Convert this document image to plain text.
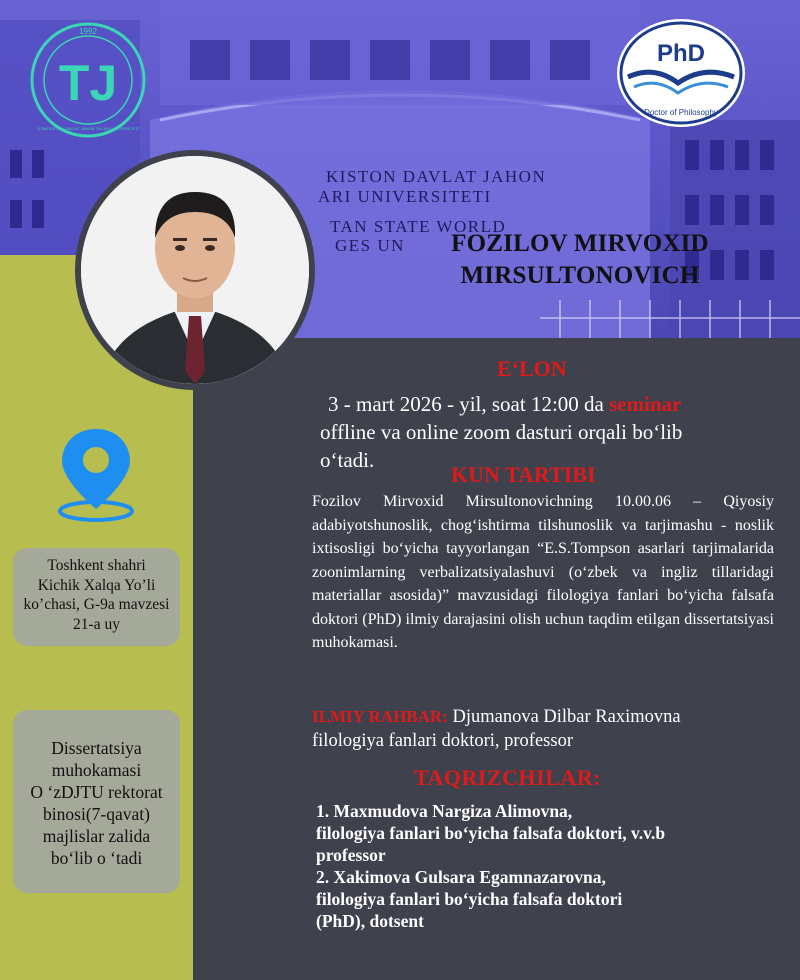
KISTON DAVLAT JAHON
ARI UNIVERSITETI
TAN STATE WORLD
GES UN
1992
TJ
O'ZBEKISTON DAVLAT JAHON TILLARI UNIVERSITETI
PhD
Doctor of Philosophy
FOZILOV MIRVOXID
MIRSULTONOVICH
Toshkent shahri
Kichik Xalqa Yo’li
ko’chasi, G-9a mavzesi
21-a uy
Dissertatsiya
muhokamasi
O ‘zDJTU rektorat
binosi(7-qavat)
majlislar zalida
bo‘lib o ‘tadi
E‘LON
3 - mart 2026 - yil, soat 12:00 da seminar
offline va online zoom dasturi orqali bo‘lib
o‘tadi.
KUN TARTIBI
Fozilov Mirvoxid Mirsultonovichning 10.00.06 – Qiyosiy adabiyotshunoslik, chog‘ishtirma tilshunoslik va tarjimashu - noslik ixtisosligi bo‘yicha tayyorlangan “E.S.Tompson asarlari tarjimalarida zoonimlarning verbalizatsiyalashuvi (o‘zbek va ingliz tillaridagi materiallar asosida)” mavzusidagi filologiya fanlari bo‘yicha falsafa doktori (PhD) ilmiy darajasini olish uchun taqdim etilgan dissertatsiyasi muhokamasi.
ILMIY RAHBAR: Djumanova Dilbar Raximovna
filologiya fanlari doktori, professor
TAQRIZCHILAR:
1. Maxmudova Nargiza Alimovna,
filologiya fanlari bo‘yicha falsafa doktori, v.v.b
professor
2. Xakimova Gulsara Egamnazarovna,
filologiya fanlari bo‘yicha falsafa doktori
(PhD), dotsent
